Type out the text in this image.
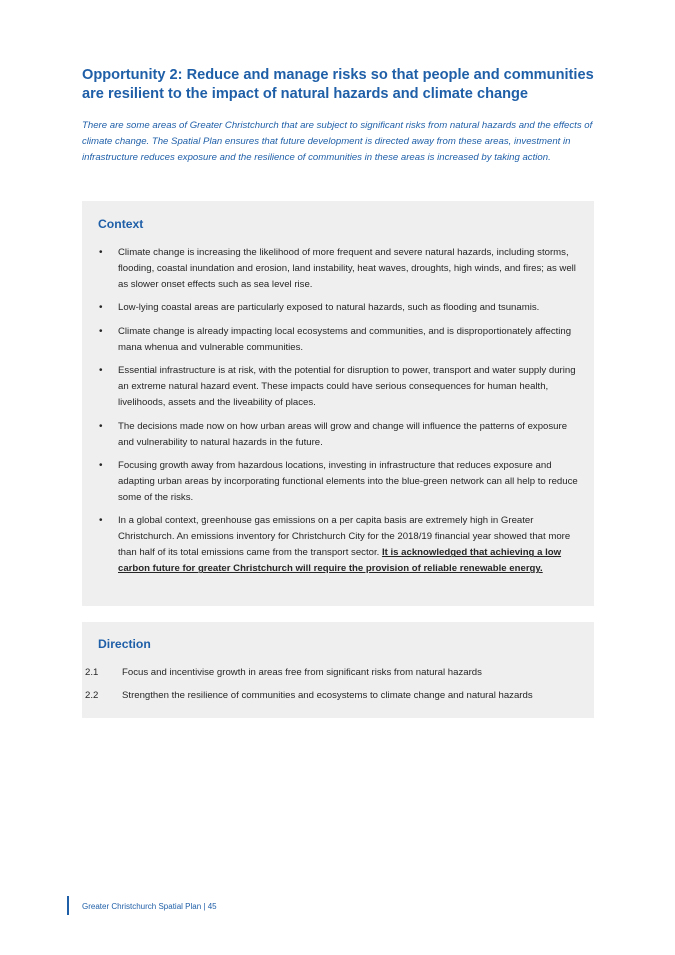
Opportunity 2: Reduce and manage risks so that people and communities are resilient to the impact of natural hazards and climate change

There are some areas of Greater Christchurch that are subject to significant risks from natural hazards and the effects of climate change. The Spatial Plan ensures that future development is directed away from these areas, investment in infrastructure reduces exposure and the resilience of communities in these areas is increased by taking action.

Context
• Climate change is increasing the likelihood of more frequent and severe natural hazards, including storms, flooding, coastal inundation and erosion, land instability, heat waves, droughts, high winds, and fires; as well as slower onset effects such as sea level rise.
• Low-lying coastal areas are particularly exposed to natural hazards, such as flooding and tsunamis.
• Climate change is already impacting local ecosystems and communities, and is disproportionately affecting mana whenua and vulnerable communities.
• Essential infrastructure is at risk, with the potential for disruption to power, transport and water supply during an extreme natural hazard event. These impacts could have serious consequences for human health, livelihoods, assets and the liveability of places.
• The decisions made now on how urban areas will grow and change will influence the patterns of exposure and vulnerability to natural hazards in the future.
• Focusing growth away from hazardous locations, investing in infrastructure that reduces exposure and adapting urban areas by incorporating functional elements into the blue-green network can all help to reduce some of the risks.
• In a global context, greenhouse gas emissions on a per capita basis are extremely high in Greater Christchurch. An emissions inventory for Christchurch City for the 2018/19 financial year showed that more than half of its total emissions came from the transport sector. It is acknowledged that achieving a low carbon future for greater Christchurch will require the provision of reliable renewable energy.
Direction
2.1 Focus and incentivise growth in areas free from significant risks from natural hazards
2.2 Strengthen the resilience of communities and ecosystems to climate change and natural hazards
Greater Christchurch Spatial Plan | 45
